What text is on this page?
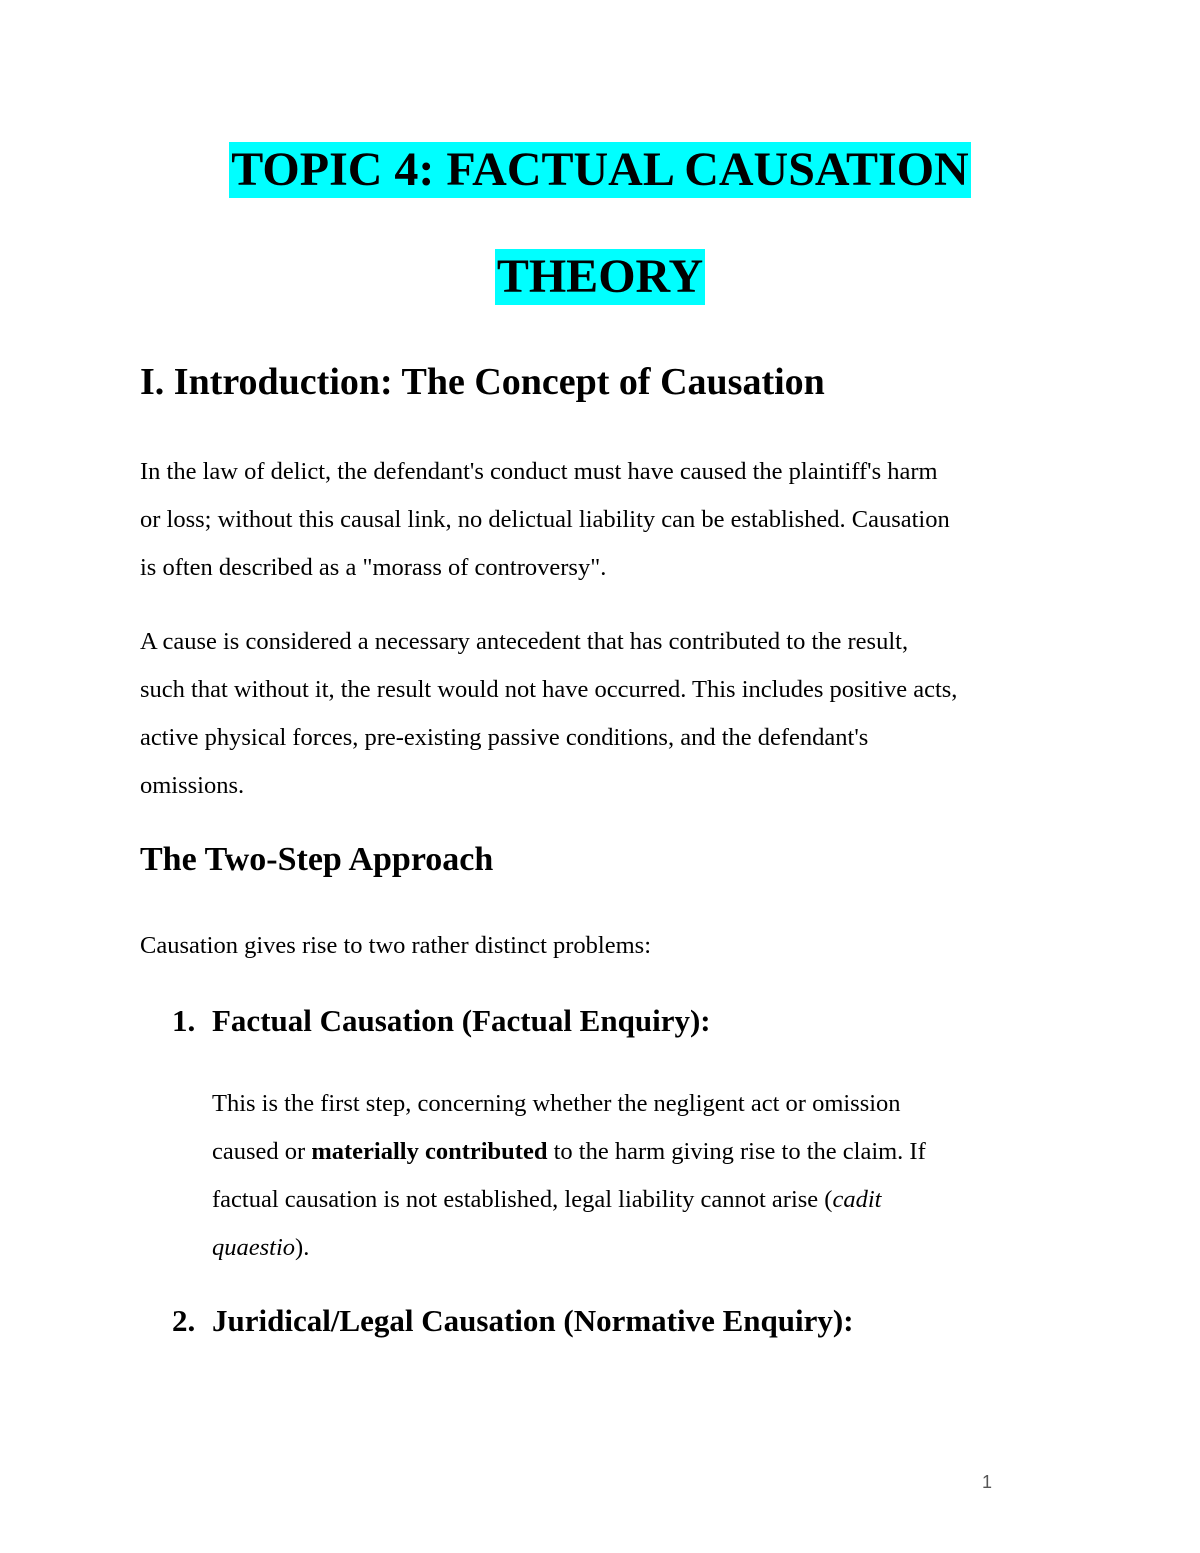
TOPIC 4: FACTUAL CAUSATION
THEORY
I. Introduction: The Concept of Causation
In the law of delict, the defendant's conduct must have caused the plaintiff's harm
or loss; without this causal link, no delictual liability can be established. Causation
is often described as a "morass of controversy".
A cause is considered a necessary antecedent that has contributed to the result,
such that without it, the result would not have occurred. This includes positive acts,
active physical forces, pre-existing passive conditions, and the defendant's
omissions.
The Two-Step Approach
Causation gives rise to two rather distinct problems:
1. Factual Causation (Factual Enquiry):
This is the first step, concerning whether the negligent act or omission
caused or materially contributed to the harm giving rise to the claim. If
factual causation is not established, legal liability cannot arise (cadit
quaestio).
2. Juridical/Legal Causation (Normative Enquiry):
1
